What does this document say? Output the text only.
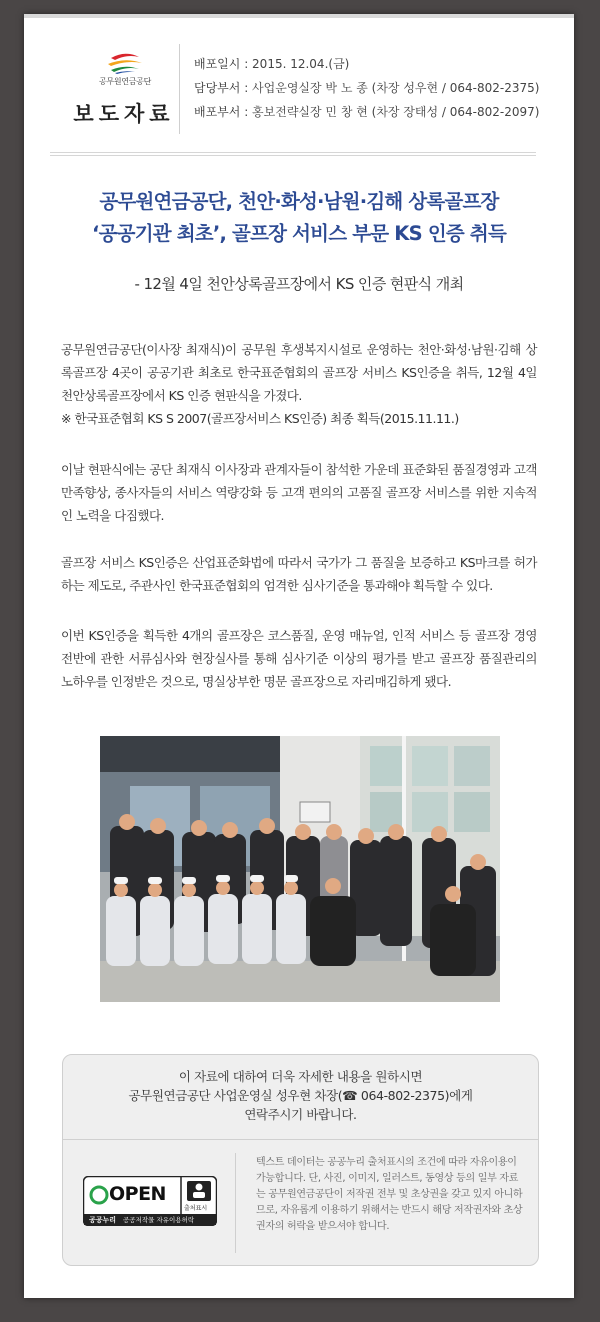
공무원연금공단
보도자료
배포일시 : 2015. 12.04.(금)
담당부서 : 사업운영실장 박 노 종 (차장 성우현 / 064-802-2375)
배포부서 : 홍보전략실장 민 창 현 (차장 장태성 / 064-802-2097)
공무원연금공단, 천안·화성·남원·김해 상록골프장
‘공공기관 최초’, 골프장 서비스 부문 KS 인증 취득
- 12월 4일 천안상록골프장에서 KS 인증 현판식 개최
공무원연금공단(이사장 최재식)이 공무원 후생복지시설로 운영하는 천안·화성·남원·김해 상록골프장 4곳이 공공기관 최초로 한국표준협회의 골프장 서비스 KS인증을 취득, 12월 4일 천안상록골프장에서 KS 인증 현판식을 가졌다.
※ 한국표준협회 KS S 2007(골프장서비스 KS인증) 최종 획득(2015.11.11.)
이날 현판식에는 공단 최재식 이사장과 관계자들이 참석한 가운데 표준화된 품질경영과 고객만족향상, 종사자들의 서비스 역량강화 등 고객 편의의 고품질 골프장 서비스를 위한 지속적인 노력을 다짐했다.
골프장 서비스 KS인증은 산업표준화법에 따라서 국가가 그 품질을 보증하고 KS마크를 허가하는 제도로, 주관사인 한국표준협회의 엄격한 심사기준을 통과해야 획득할 수 있다.
이번 KS인증을 획득한 4개의 골프장은 코스품질, 운영 매뉴얼, 인적 서비스 등 골프장 경영 전반에 관한 서류심사와 현장실사를 통해 심사기준 이상의 평가를 받고 골프장 품질관리의 노하우를 인정받은 것으로, 명실상부한 명문 골프장으로 자리매김하게 됐다.
이 자료에 대하여 더욱 자세한 내용을 원하시면
공무원연금공단 사업운영실 성우현 차장(☎ 064-802-2375)에게
연락주시기 바랍니다.
OPEN
출처표시
공공누리 공공저작물 자유이용허락
텍스트 데이터는 공공누리 출처표시의 조건에 따라 자유이용이 가능합니다. 단, 사진, 이미지, 일러스트, 동영상 등의 일부 자료는 공무원연금공단이 저작권 전부 및 초상권을 갖고 있지 아니하므로, 자유롭게 이용하기 위해서는 반드시 해당 저작권자와 초상권자의 허락을 받으셔야 합니다.
